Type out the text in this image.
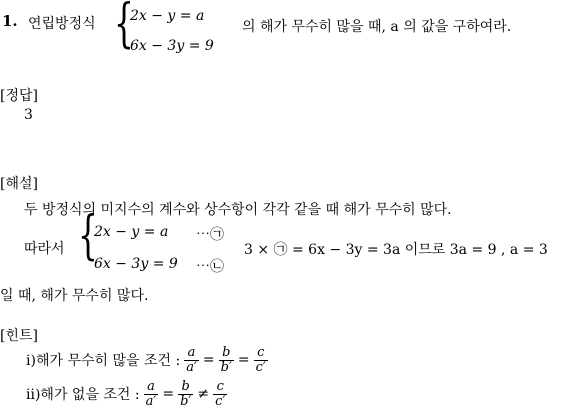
1. 연립방정식 {
2x − y = a
6x − 3y = 9
의 해가 무수히 많을 때, a 의 값을 구하여라.
[정답]
3
[해설]
두 방정식의 미지수의 계수와 상수항이 각각 같을 때 해가 무수히 많다.
따라서 {
2x − y = a ⋯㉠
6x − 3y = 9 ⋯㉡
3 × ㉠ = 6x − 3y = 3a 이므로 3a = 9 , a = 3
일 때, 해가 무수히 많다.
[힌트]
ⅰ)해가 무수히 많을 조건 : $\frac{a}{a'} = \frac{b}{b'} = \frac{c}{c'}$
ⅱ)해가 없을 조건 : $\frac{a}{a'} = \frac{b}{b'} \ne \frac{c}{c'}$
